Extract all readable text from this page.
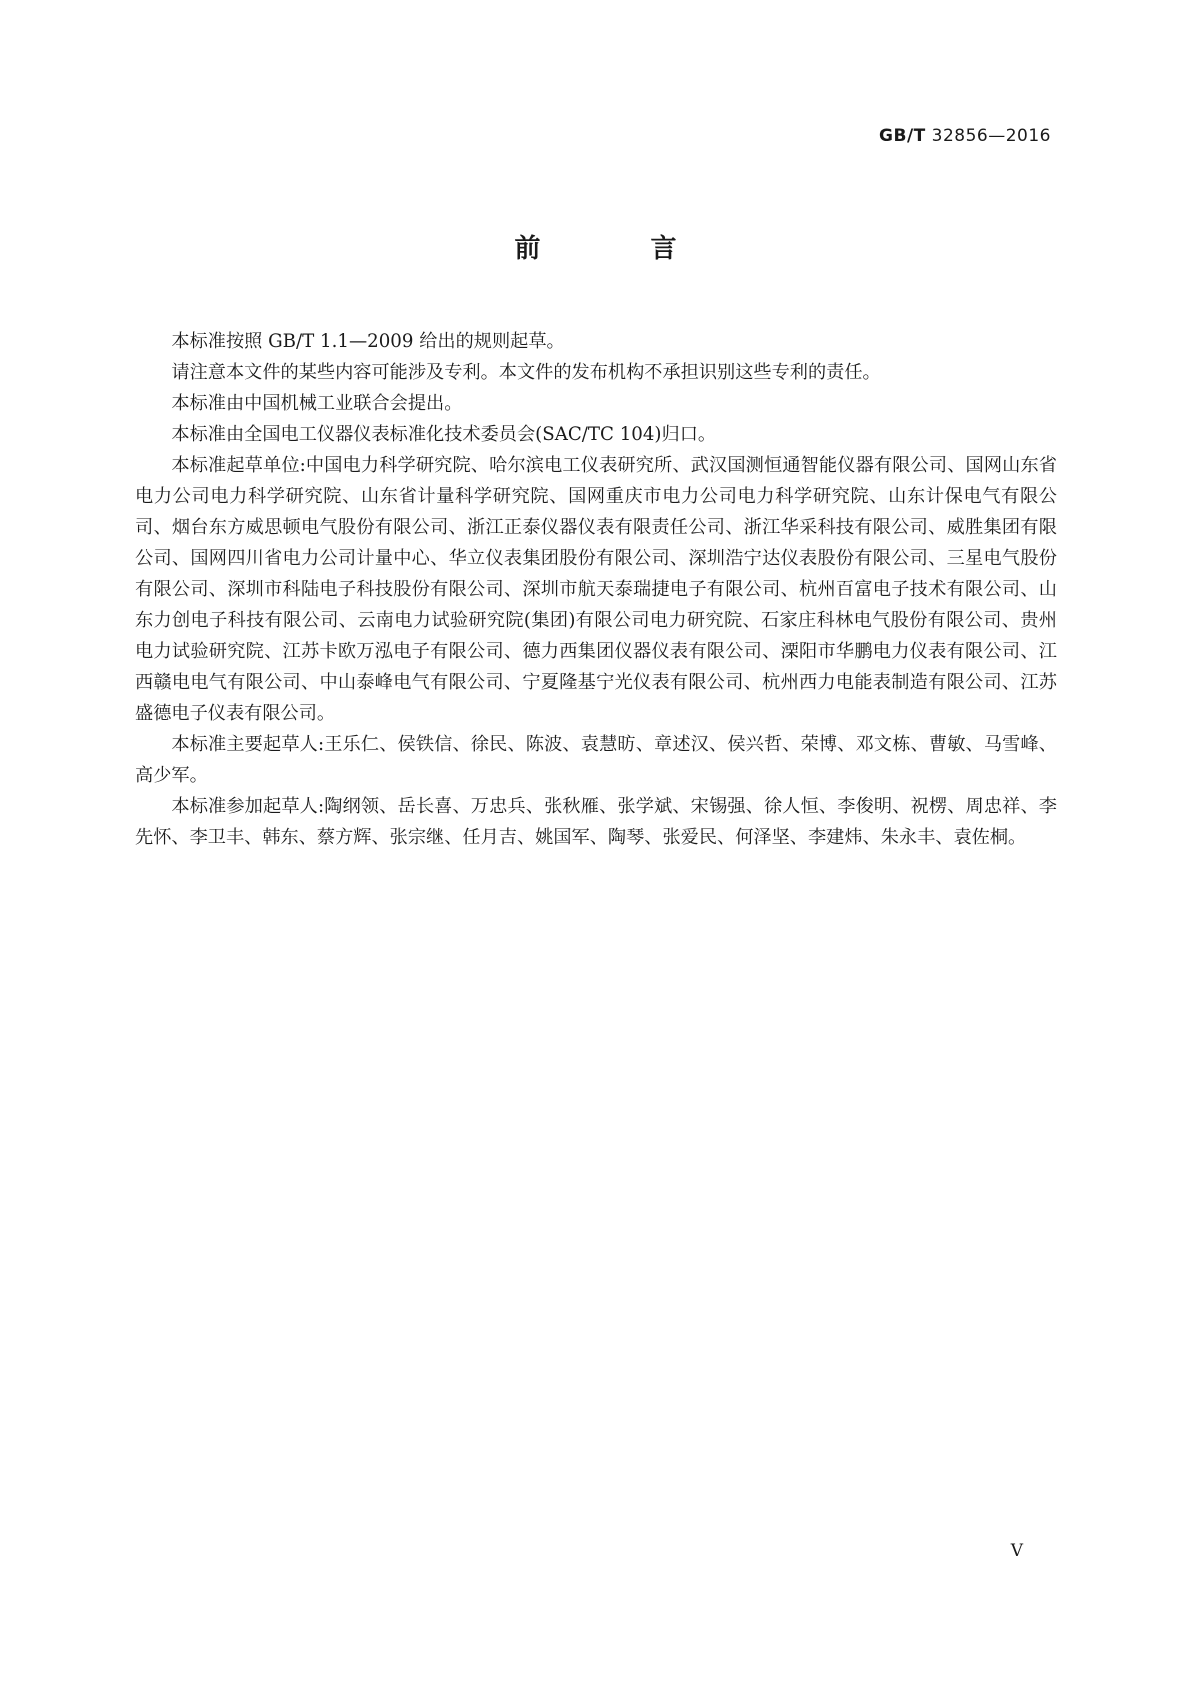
GB/T 32856—2016
前　言

本标准按照 GB/T 1.1—2009 给出的规则起草。

请注意本文件的某些内容可能涉及专利。本文件的发布机构不承担识别这些专利的责任。

本标准由中国机械工业联合会提出。

本标准由全国电工仪器仪表标准化技术委员会(SAC/TC 104)归口。

本标准起草单位:中国电力科学研究院、哈尔滨电工仪表研究所、武汉国测恒通智能仪器有限公司、国网山东省电力公司电力科学研究院、山东省计量科学研究院、国网重庆市电力公司电力科学研究院、山东计保电气有限公司、烟台东方威思顿电气股份有限公司、浙江正泰仪器仪表有限责任公司、浙江华采科技有限公司、威胜集团有限公司、国网四川省电力公司计量中心、华立仪表集团股份有限公司、深圳浩宁达仪表股份有限公司、三星电气股份有限公司、深圳市科陆电子科技股份有限公司、深圳市航天泰瑞捷电子有限公司、杭州百富电子技术有限公司、山东力创电子科技有限公司、云南电力试验研究院(集团)有限公司电力研究院、石家庄科林电气股份有限公司、贵州电力试验研究院、江苏卡欧万泓电子有限公司、德力西集团仪器仪表有限公司、溧阳市华鹏电力仪表有限公司、江西赣电电气有限公司、中山泰峰电气有限公司、宁夏隆基宁光仪表有限公司、杭州西力电能表制造有限公司、江苏盛德电子仪表有限公司。

本标准主要起草人:王乐仁、侯铁信、徐民、陈波、袁慧昉、章述汉、侯兴哲、荣博、邓文栋、曹敏、马雪峰、高少军。

本标准参加起草人:陶纲领、岳长喜、万忠兵、张秋雁、张学斌、宋锡强、徐人恒、李俊明、祝楞、周忠祥、李先怀、李卫丰、韩东、蔡方辉、张宗继、任月吉、姚国军、陶琴、张爱民、何泽坚、李建炜、朱永丰、袁佐桐。

Ⅴ
